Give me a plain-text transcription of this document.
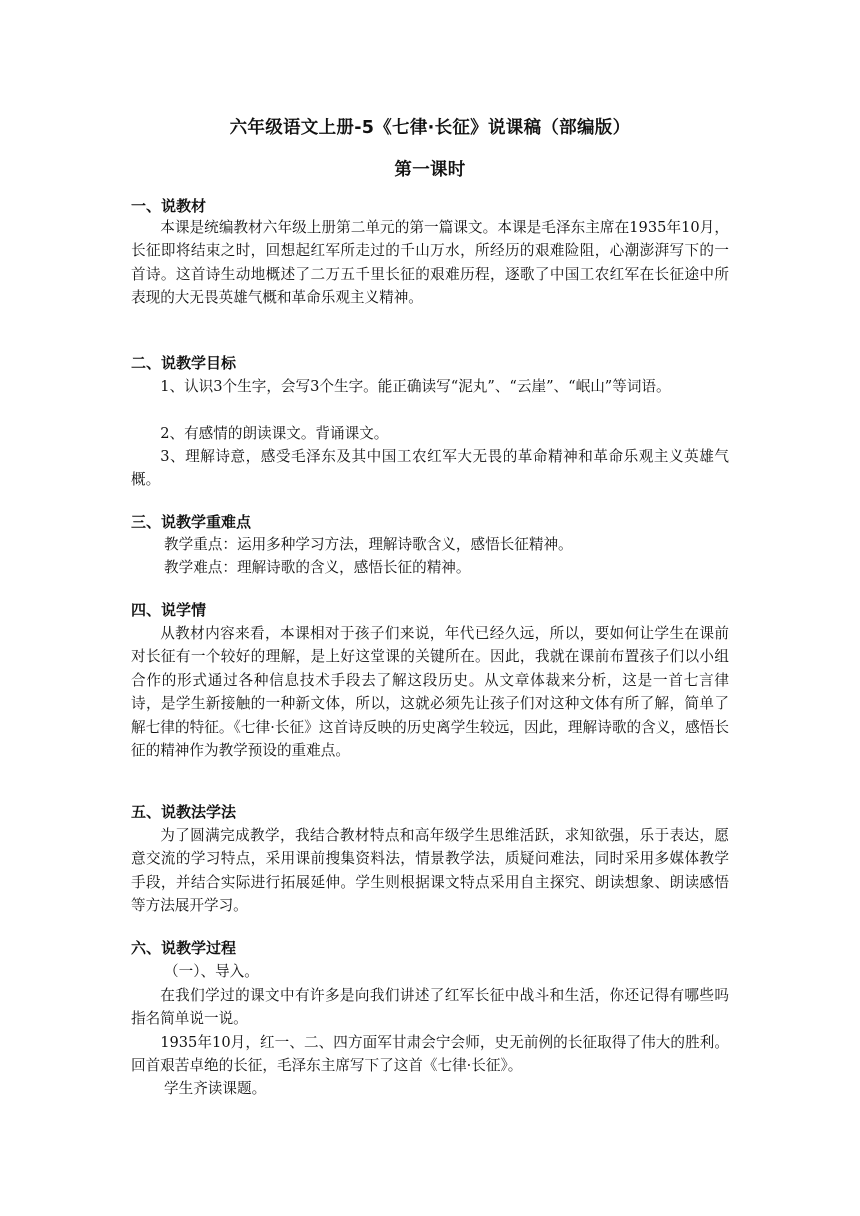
六年级语文上册-5《七律·长征》说课稿（部编版）
第一课时
一、说教材

本课是统编教材六年级上册第二单元的第一篇课文。本课是毛泽东主席在1935年10月，长征即将结束之时，回想起红军所走过的千山万水，所经历的艰难险阻，心潮澎湃写下的一首诗。这首诗生动地概述了二万五千里长征的艰难历程，逐歌了中国工农红军在长征途中所表现的大无畏英雄气概和革命乐观主义精神。

二、说教学目标

1、认识3个生字，会写3个生字。能正确读写“泥丸”、“云崖”、“岷山”等词语。

2、有感情的朗读课文。背诵课文。

3、理解诗意，感受毛泽东及其中国工农红军大无畏的革命精神和革命乐观主义英雄气概。

三、说教学重难点

教学重点：运用多种学习方法，理解诗歌含义，感悟长征精神。

教学难点：理解诗歌的含义，感悟长征的精神。

四、说学情

从教材内容来看，本课相对于孩子们来说，年代已经久远，所以，要如何让学生在课前对长征有一个较好的理解，是上好这堂课的关键所在。因此，我就在课前布置孩子们以小组合作的形式通过各种信息技术手段去了解这段历史。从文章体裁来分析，这是一首七言律诗，是学生新接触的一种新文体，所以，这就必须先让孩子们对这种文体有所了解，简单了解七律的特征。《七律·长征》这首诗反映的历史离学生较远，因此，理解诗歌的含义，感悟长征的精神作为教学预设的重难点。

五、说教法学法

为了圆满完成教学，我结合教材特点和高年级学生思维活跃，求知欲强，乐于表达，愿意交流的学习特点，采用课前搜集资料法，情景教学法，质疑问难法，同时采用多媒体教学手段，并结合实际进行拓展延伸。学生则根据课文特点采用自主探究、朗读想象、朗读感悟等方法展开学习。

六、说教学过程

（一）、导入。

在我们学过的课文中有许多是向我们讲述了红军长征中战斗和生活，你还记得有哪些吗指名简单说一说。

1935年10月，红一、二、四方面军甘肃会宁会师，史无前例的长征取得了伟大的胜利。回首艰苦卓绝的长征，毛泽东主席写下了这首《七律·长征》。

学生齐读课题。
